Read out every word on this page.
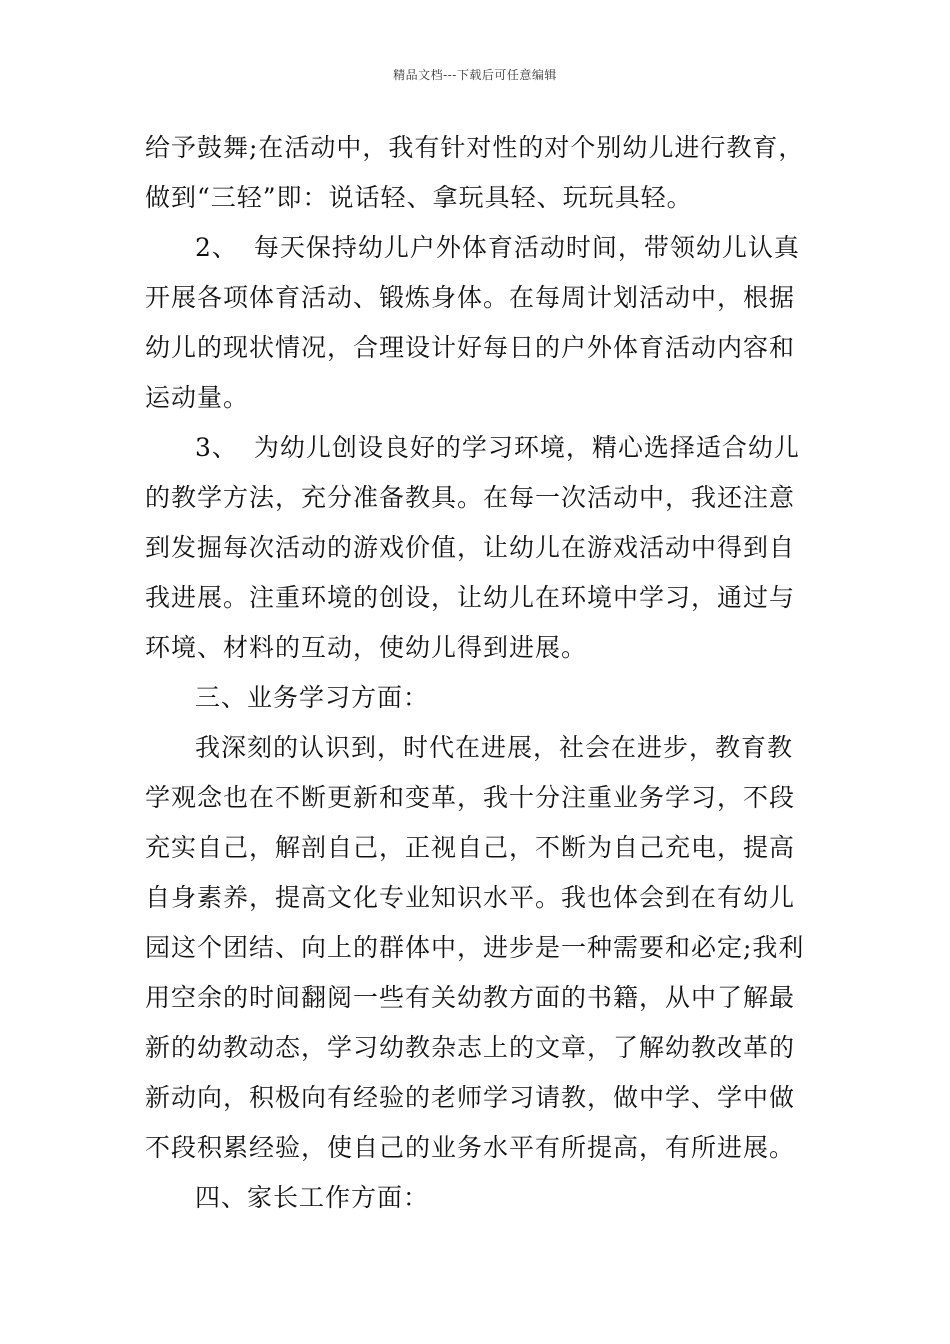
精品文档---下载后可任意编辑
给予鼓舞;在活动中，我有针对性的对个别幼儿进行教育，
做到“三轻”即：说话轻、拿玩具轻、玩玩具轻。
2、 每天保持幼儿户外体育活动时间，带领幼儿认真
开展各项体育活动、锻炼身体。在每周计划活动中，根据
幼儿的现状情况，合理设计好每日的户外体育活动内容和
运动量。
3、 为幼儿创设良好的学习环境，精心选择适合幼儿
的教学方法，充分准备教具。在每一次活动中，我还注意
到发掘每次活动的游戏价值，让幼儿在游戏活动中得到自
我进展。注重环境的创设，让幼儿在环境中学习，通过与
环境、材料的互动，使幼儿得到进展。
三、业务学习方面：
我深刻的认识到，时代在进展，社会在进步，教育教
学观念也在不断更新和变革，我十分注重业务学习，不段
充实自己，解剖自己，正视自己，不断为自己充电，提高
自身素养，提高文化专业知识水平。我也体会到在有幼儿
园这个团结、向上的群体中，进步是一种需要和必定;我利
用空余的时间翻阅一些有关幼教方面的书籍，从中了解最
新的幼教动态，学习幼教杂志上的文章，了解幼教改革的
新动向，积极向有经验的老师学习请教，做中学、学中做
不段积累经验，使自己的业务水平有所提高，有所进展。
四、家长工作方面：
